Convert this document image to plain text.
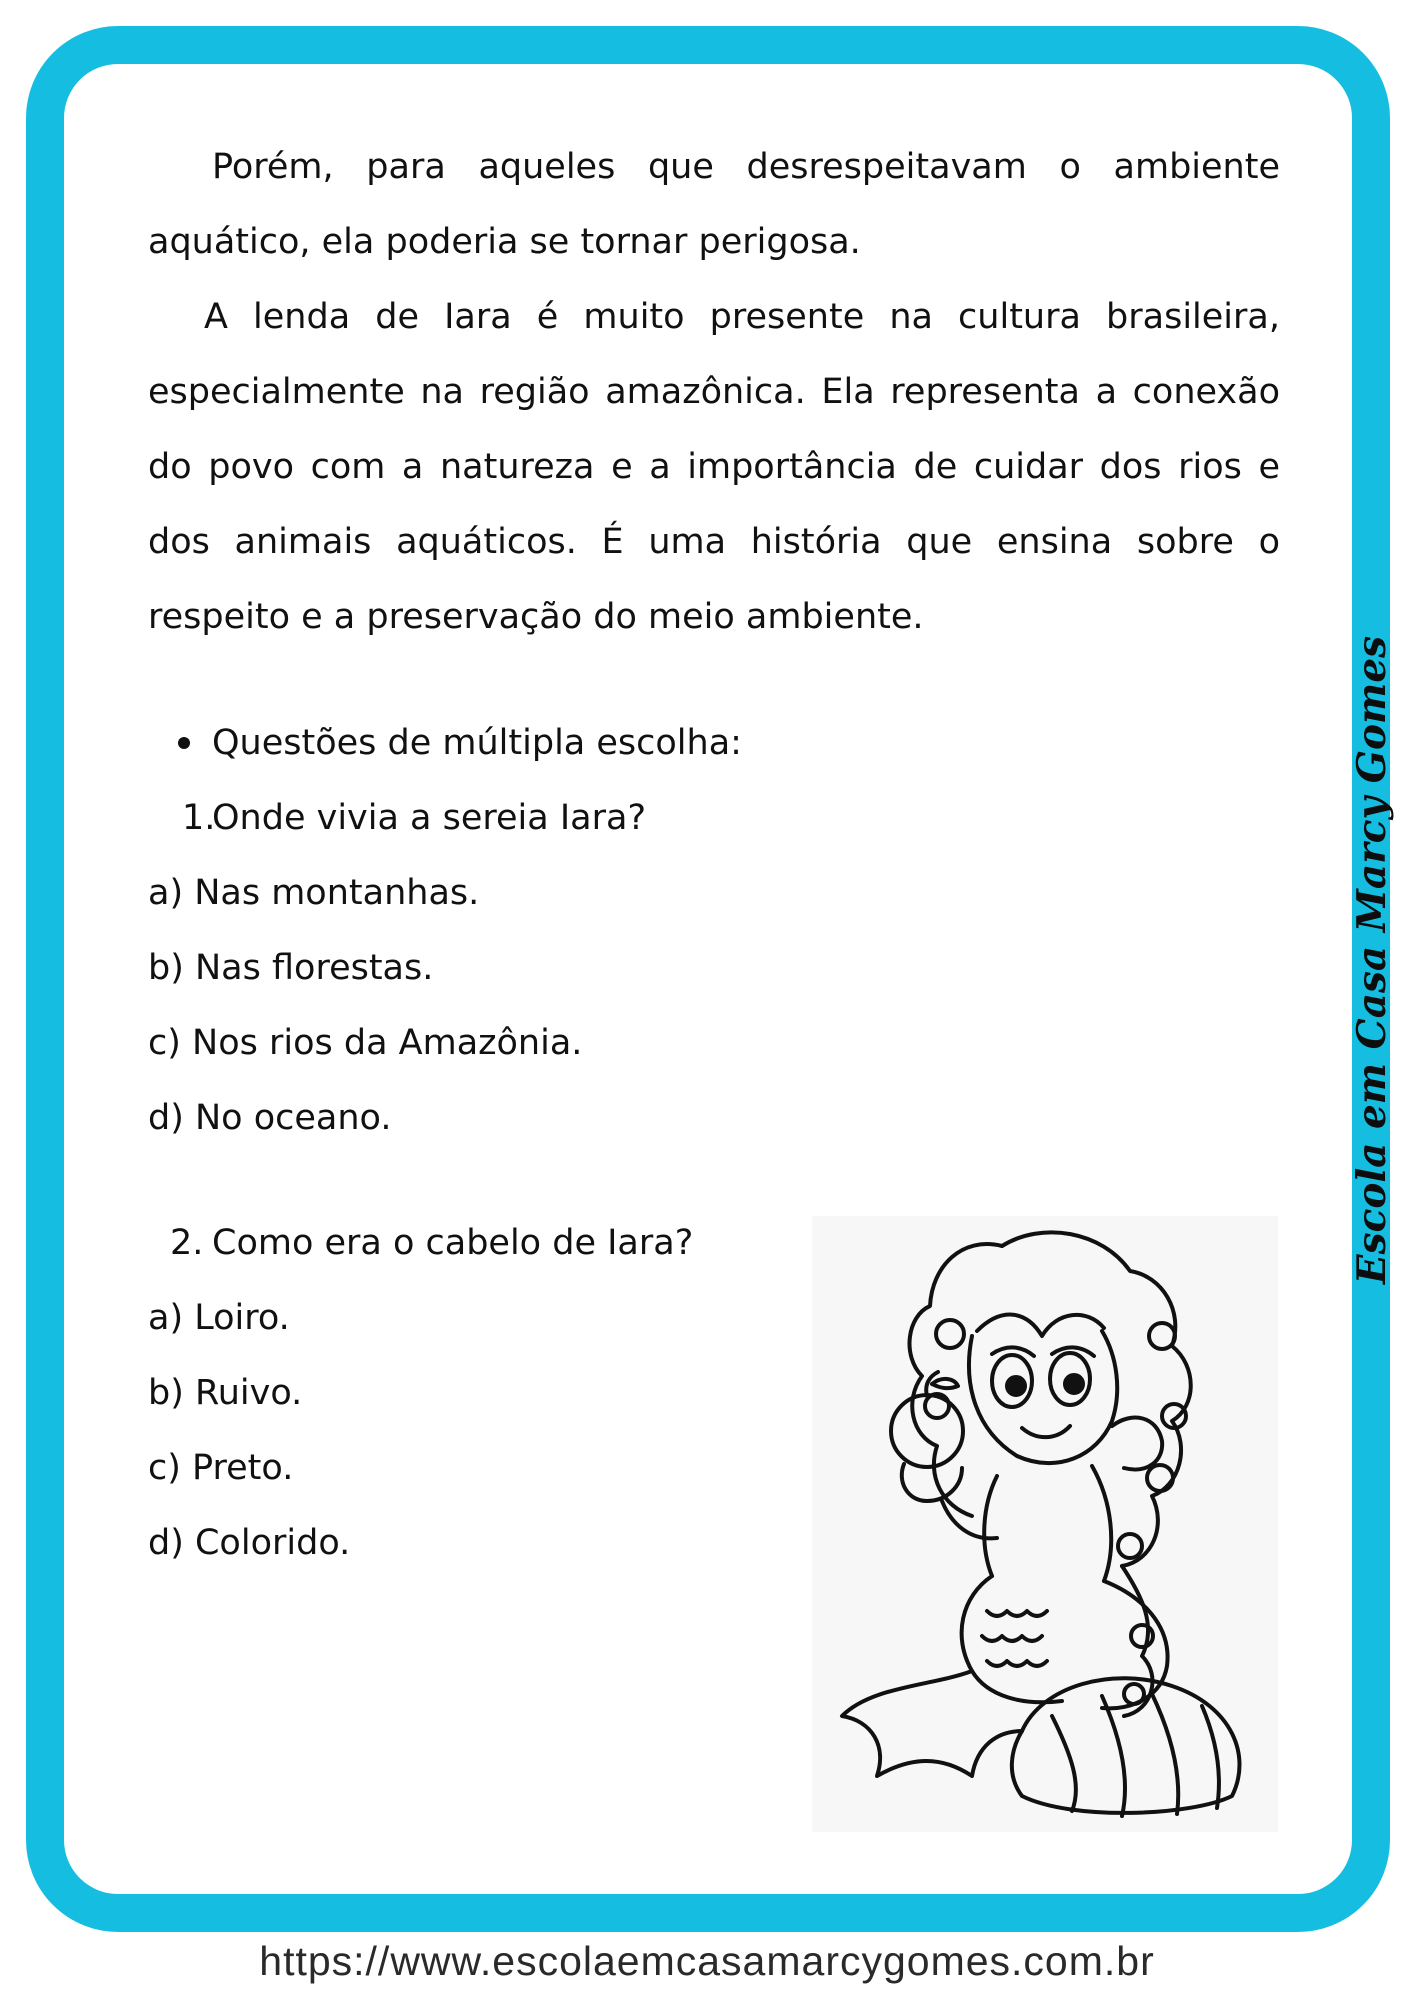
Escola em Casa Marcy Gomes

Porém, para aqueles que desrespeitavam o ambiente aquático, ela poderia se tornar perigosa.

A lenda de Iara é muito presente na cultura brasileira, especialmente na região amazônica. Ela representa a conexão do povo com a natureza e a importância de cuidar dos rios e dos animais aquáticos. É uma história que ensina sobre o respeito e a preservação do meio ambiente.

Questões de múltipla escolha:
1.
Onde vivia a sereia Iara?
a) Nas montanhas.
b) Nas florestas.
c) Nos rios da Amazônia.
d) No oceano.
2. Como era o cabelo de Iara?
a) Loiro.
b) Ruivo.
c) Preto.
d) Colorido.
https://www.escolaemcasamarcygomes.com.br
